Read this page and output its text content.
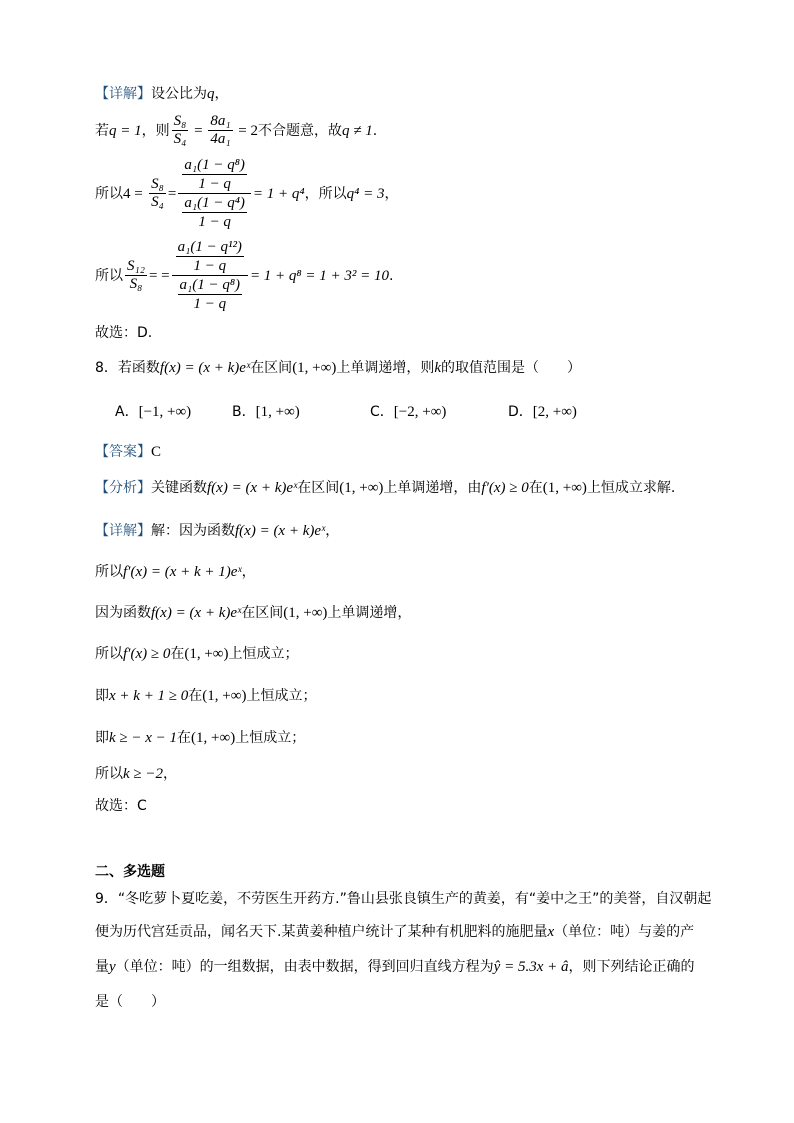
【详解】设公比为q，
若 q = 1 ，则 $\frac{\text{S₈}}{\text{S₄}} = \frac{\text{8a₁}}{\text{4a₁}}$
= 2 不合题意，故 q ≠ 1 .
所以 4 =
$\frac{\text{S₈}}{\text{S₄}} = \frac{\frac{\text{a₁(1 − q⁸)}}{1 - q}}{\frac{\text{a₁(1 − q⁴)}}{1 - q}} = 1 + q^4$ ，所以 q⁴ = 3 ，
所以 $\frac{\text{S₁₂}}{\text{S₈}}$ = = $\frac{\frac{\text{a₁(1 − q¹²)}}{1 - q}}{\frac{\text{a₁(1 − q⁸)}}{1 - q}} = 1 + q^8 = 1 + 3^2 = 10$ .
故选：D.
8．若函数f(x) = (x + k)eˣ在区间(1, +∞)上单调递增，则k的取值范围是（　　）
A．[−1, +∞)	B．[1, +∞)	C．[−2, +∞)	D．[2, +∞)
【答案】C
【分析】关键函数f(x) = (x + k)eˣ在区间(1, +∞)上单调递增，由f′(x) ≥ 0在(1, +∞)上恒成立求解.
【详解】解：因为函数f(x) = (x + k)eˣ，
所以f′(x) = (x + k + 1)eˣ，
因为函数f(x) = (x + k)eˣ在区间(1, +∞)上单调递增，
所以f′(x) ≥ 0在(1, +∞)上恒成立；
即x + k + 1 ≥ 0在(1, +∞)上恒成立；
即k ≥ − x − 1在(1, +∞)上恒成立；
所以k ≥ −2，
故选：C
二、多选题
9．“冬吃萝卜夏吃姜，不劳医生开药方.”鲁山县张良镇生产的黄姜，有“姜中之王”的美誉，自汉朝起
便为历代宫廷贡品，闻名天下.某黄姜种植户统计了某种有机肥料的施肥量x（单位：吨）与姜的产
量y（单位：吨）的一组数据，由表中数据，得到回归直线方程为ŷ = 5.3x + â，则下列结论正确的
是（　　）
